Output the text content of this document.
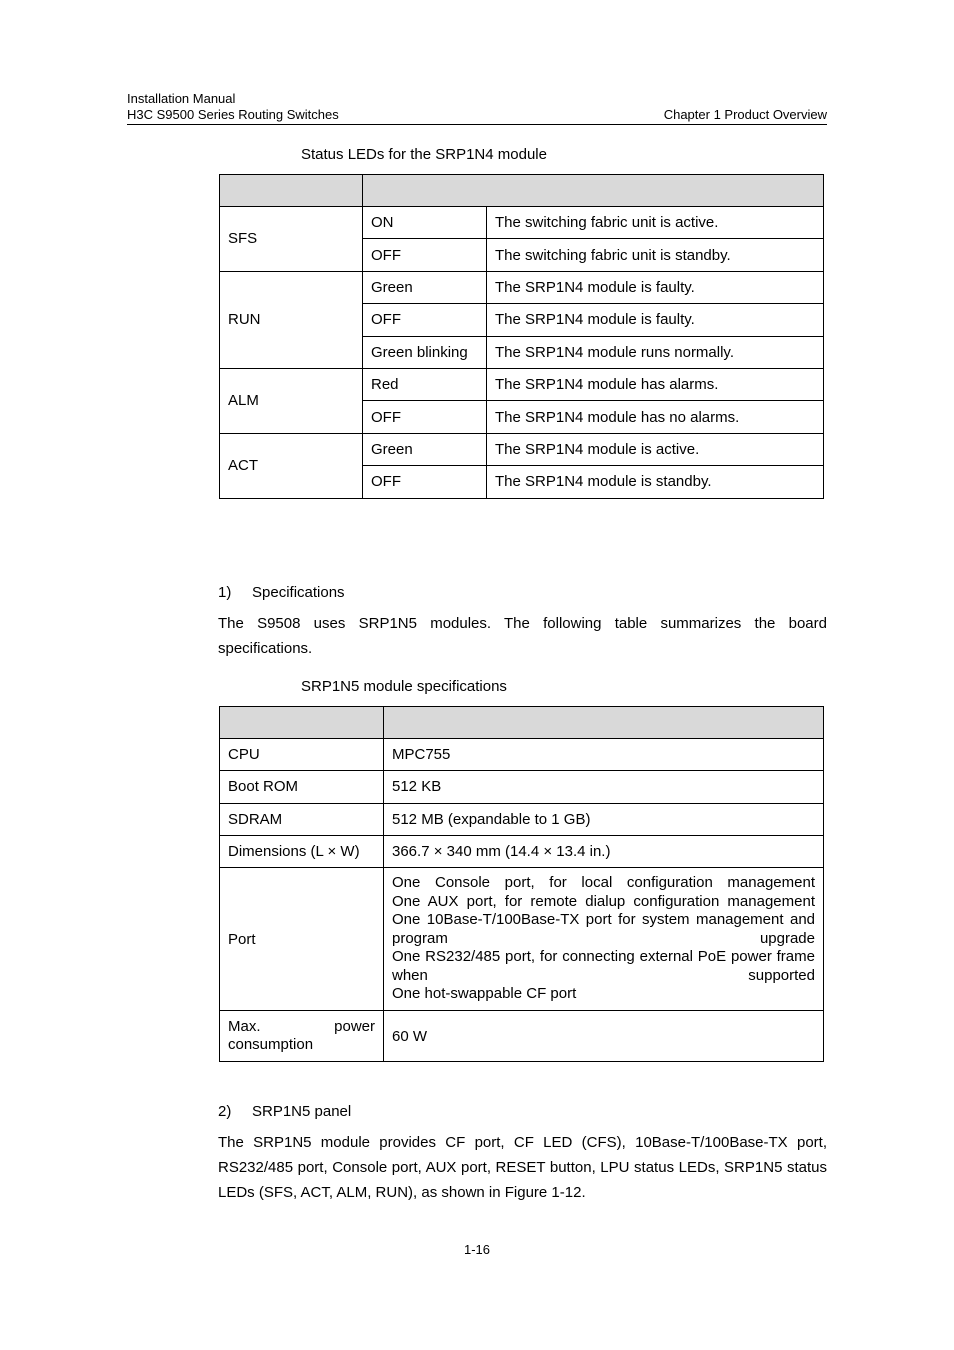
Installation Manual
H3C S9500 Series Routing Switches	Chapter 1 Product Overview
Status LEDs for the SRP1N4 module

SFS	ON	The switching fabric unit is active.
	OFF	The switching fabric unit is standby.
RUN	Green	The SRP1N4 module is faulty.
	OFF	The SRP1N4 module is faulty.
	Green blinking	The SRP1N4 module runs normally.
ALM	Red	The SRP1N4 module has alarms.
	OFF	The SRP1N4 module has no alarms.
ACT	Green	The SRP1N4 module is active.
	OFF	The SRP1N4 module is standby.
1) Specifications
The S9508 uses SRP1N5 modules. The following table summarizes the board specifications.
SRP1N5 module specifications

CPU	MPC755
Boot ROM	512 KB
SDRAM	512 MB (expandable to 1 GB)
Dimensions (L × W)	366.7 × 340 mm (14.4 × 13.4 in.)
Port	One Console port, for local configuration management
One AUX port, for remote dialup configuration management
One 10Base-T/100Base-TX port for system management and program upgrade
One RS232/485 port, for connecting external PoE power frame when supported
One hot-swappable CF port

Max. power consumption	60 W
2) SRP1N5 panel
The SRP1N5 module provides CF port, CF LED (CFS), 10Base-T/100Base-TX port, RS232/485 port, Console port, AUX port, RESET button, LPU status LEDs, SRP1N5 status LEDs (SFS, ACT, ALM, RUN), as shown in Figure 1-12.
1-16
